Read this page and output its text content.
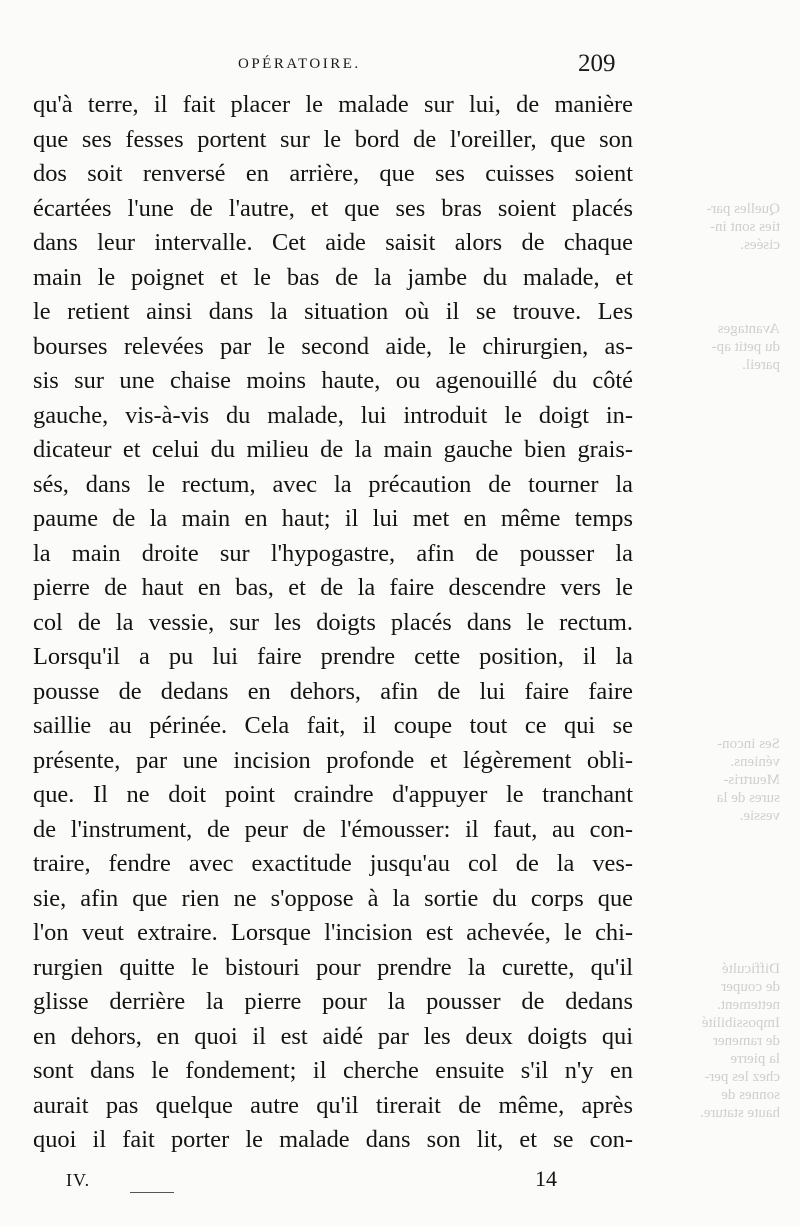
Quelles par-
ties sont in-
cisées.
Avantages
du petit ap-
pareil.
Ses incon-
véniens.
Meurtris-
sures de la
vessie.
Difficulté
de couper
nettement.
Impossibilité
de ramener
la pierre
chez les per-
sonnes de
haute stature.
OPÉRATOIRE.	209
qu'à terre, il fait placer le malade sur lui, de manière
que ses fesses portent sur le bord de l'oreiller, que son
dos soit renversé en arrière, que ses cuisses soient
écartées l'une de l'autre, et que ses bras soient placés
dans leur intervalle. Cet aide saisit alors de chaque
main le poignet et le bas de la jambe du malade, et
le retient ainsi dans la situation où il se trouve. Les
bourses relevées par le second aide, le chirurgien, as-
sis sur une chaise moins haute, ou agenouillé du côté
gauche, vis-à-vis du malade, lui introduit le doigt in-
dicateur et celui du milieu de la main gauche bien grais-
sés, dans le rectum, avec la précaution de tourner la
paume de la main en haut; il lui met en même temps
la main droite sur l'hypogastre, afin de pousser la
pierre de haut en bas, et de la faire descendre vers le
col de la vessie, sur les doigts placés dans le rectum.
Lorsqu'il a pu lui faire prendre cette position, il la
pousse de dedans en dehors, afin de lui faire faire
saillie au périnée. Cela fait, il coupe tout ce qui se
présente, par une incision profonde et légèrement obli-
que. Il ne doit point craindre d'appuyer le tranchant
de l'instrument, de peur de l'émousser: il faut, au con-
traire, fendre avec exactitude jusqu'au col de la ves-
sie, afin que rien ne s'oppose à la sortie du corps que
l'on veut extraire. Lorsque l'incision est achevée, le chi-
rurgien quitte le bistouri pour prendre la curette, qu'il
glisse derrière la pierre pour la pousser de dedans
en dehors, en quoi il est aidé par les deux doigts qui
sont dans le fondement; il cherche ensuite s'il n'y en
aurait pas quelque autre qu'il tirerait de même, après
quoi il fait porter le malade dans son lit, et se con-
IV.	14
